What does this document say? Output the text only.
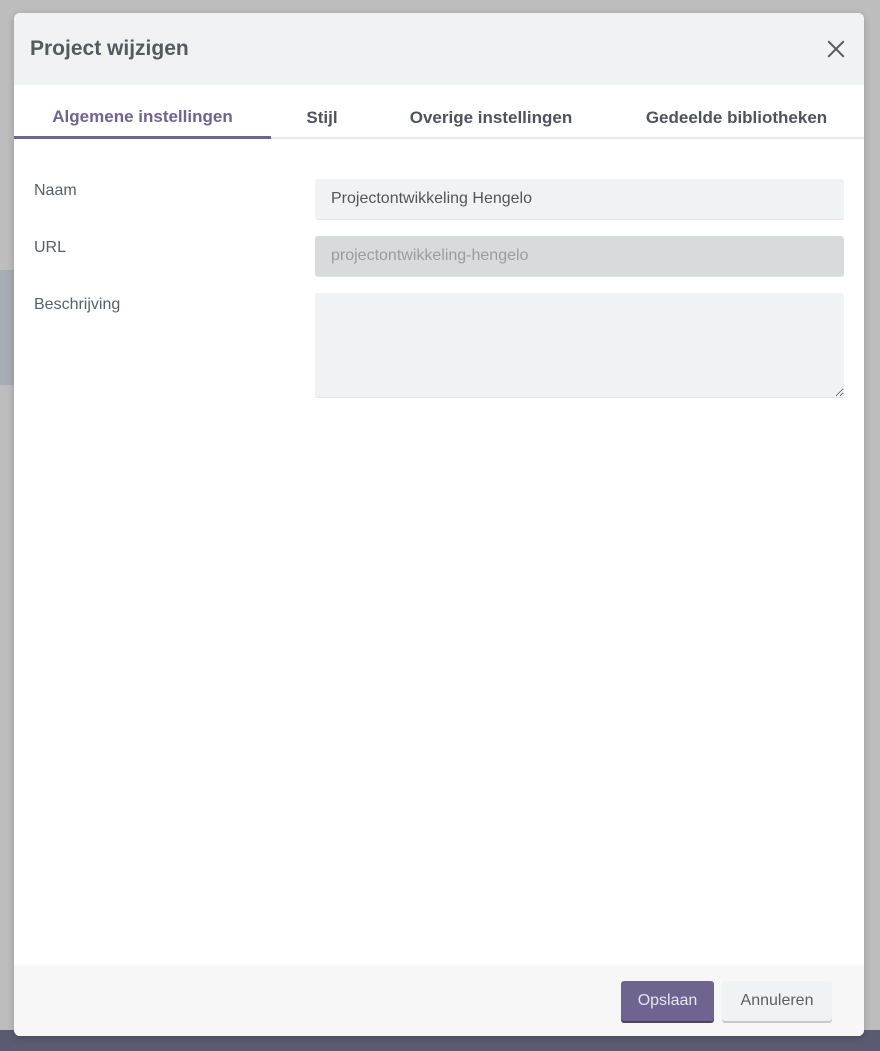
Project wijzigen
Algemene instellingen	Stijl	Overige instellingen	Gedeelde bibliotheken
Naam
Projectontwikkeling Hengelo
URL
projectontwikkeling-hengelo
Beschrijving
Opslaan	Annuleren
